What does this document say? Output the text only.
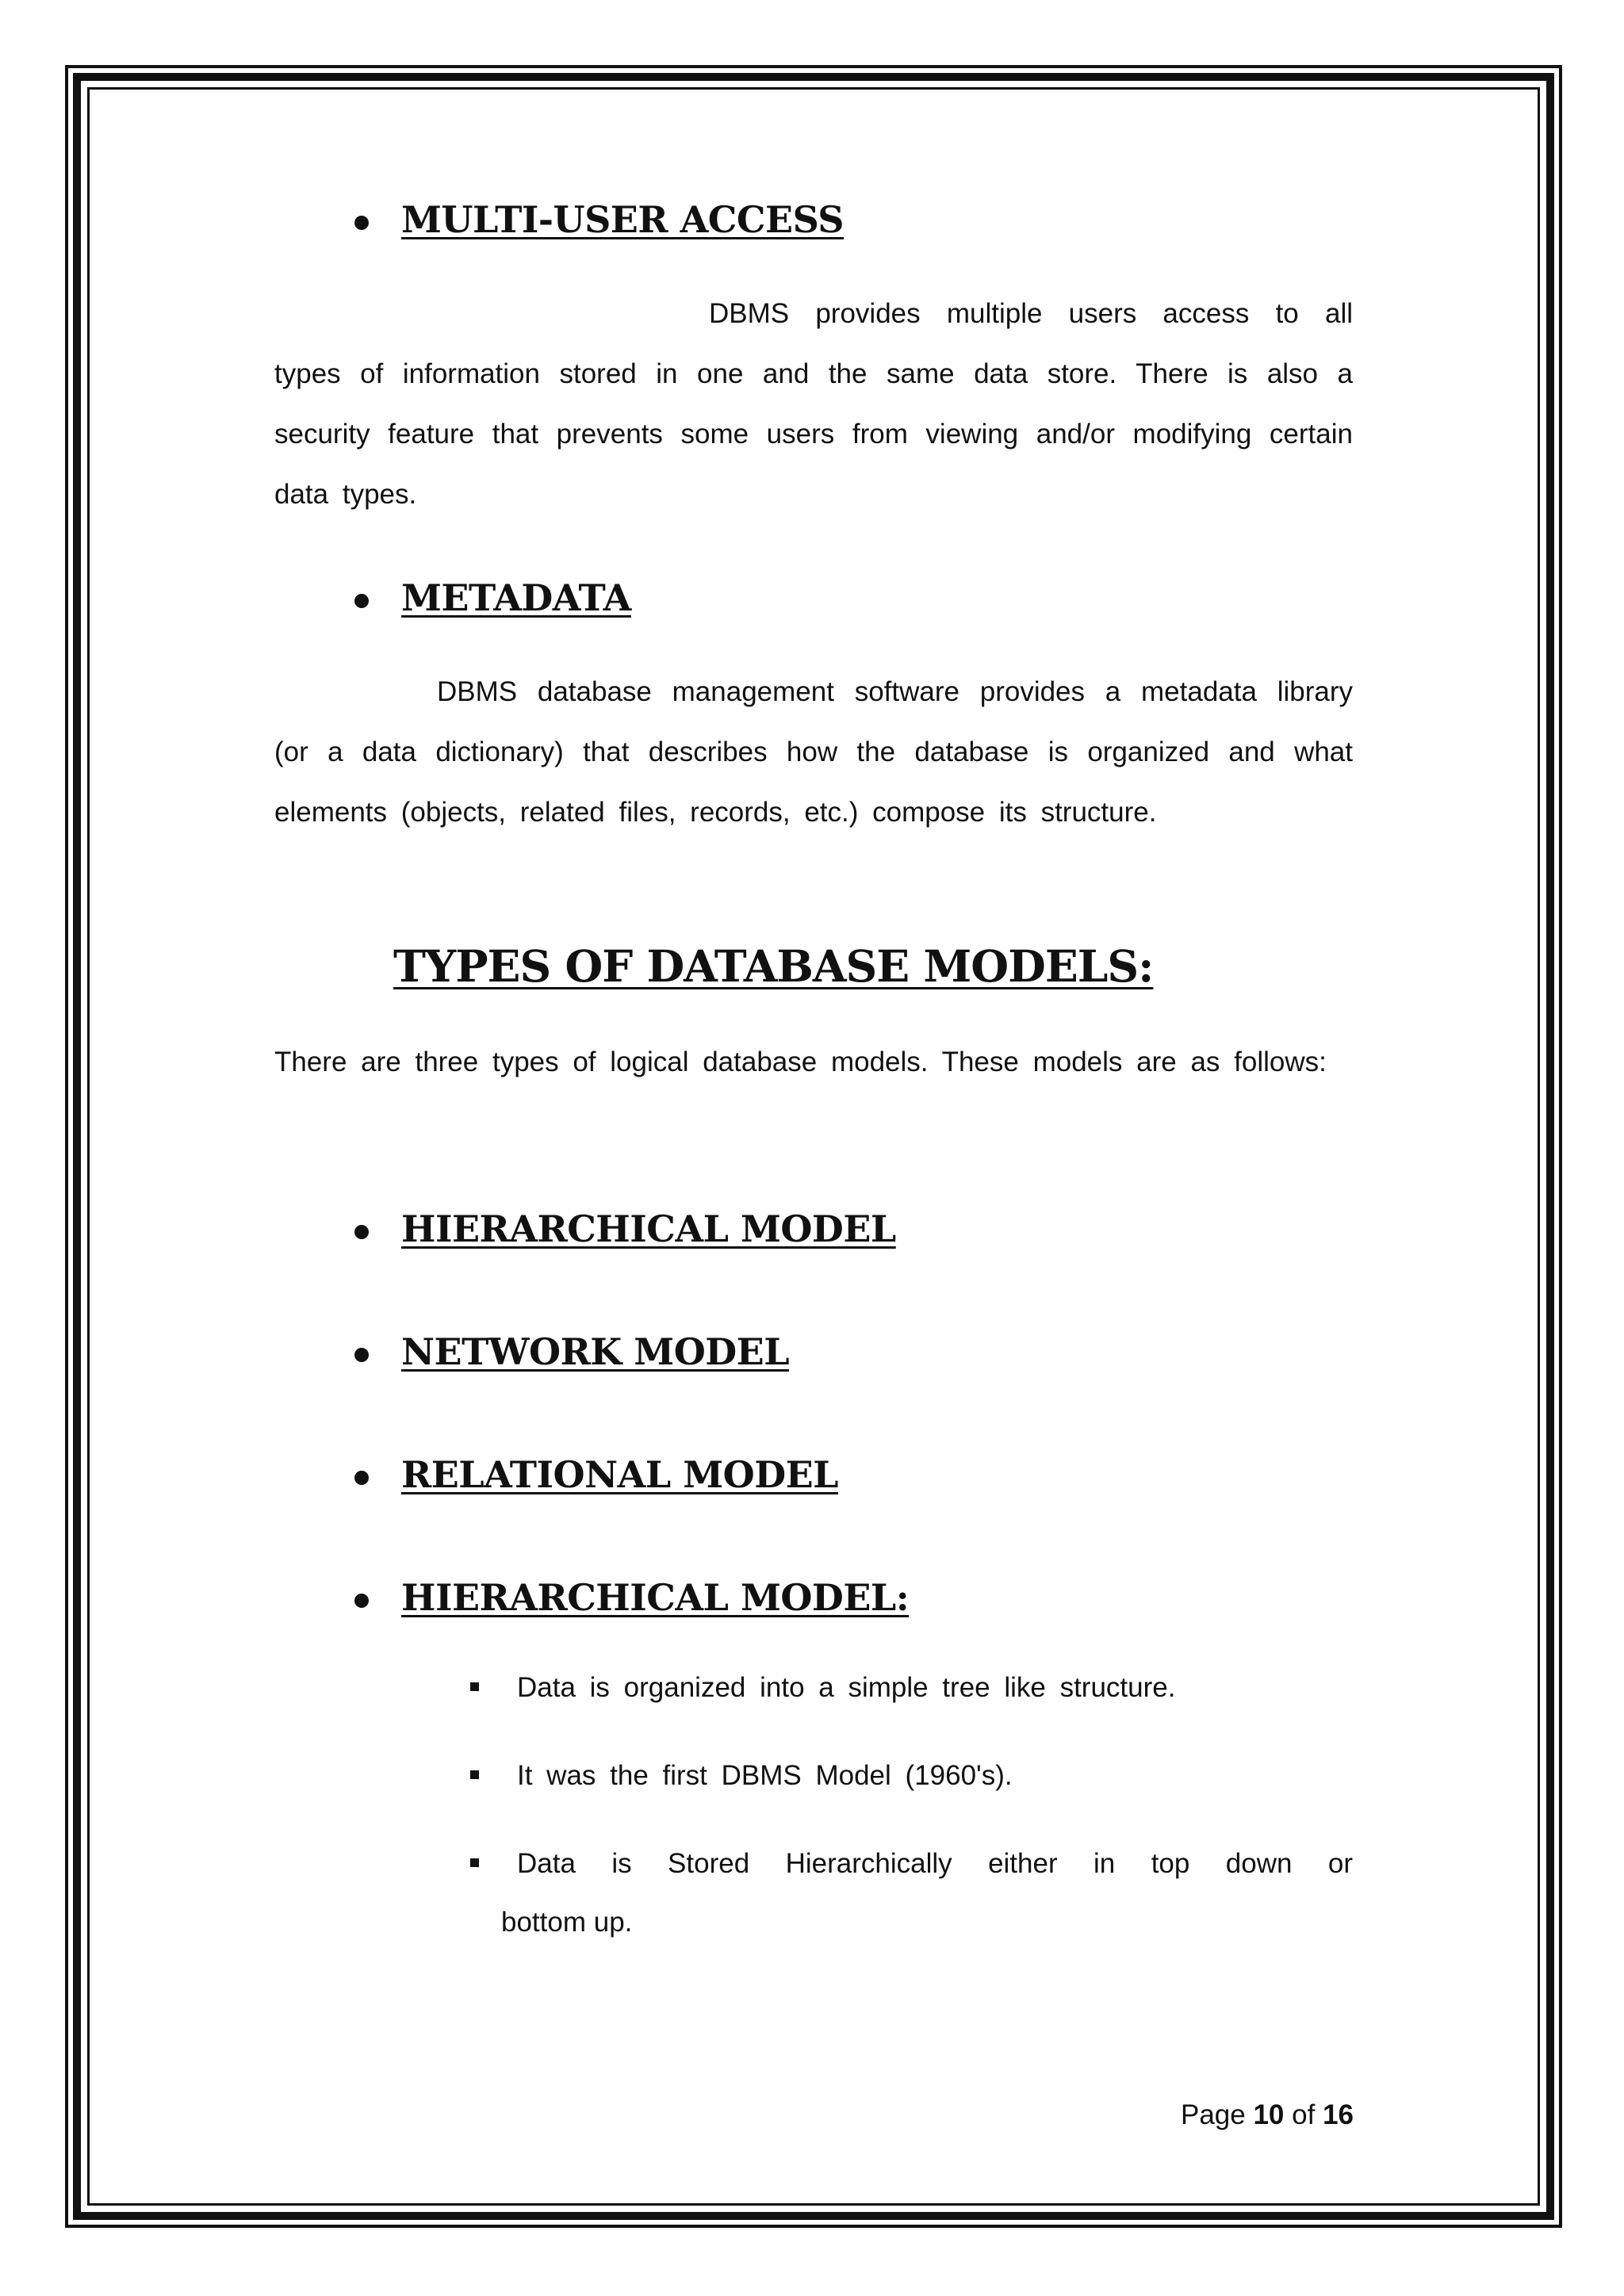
MULTI-USER ACCESS
DBMS provides multiple users access to all types of information stored in one and the same data store. There is also a security feature that prevents some users from viewing and/or modifying certain data types.
METADATA
DBMS database management software provides a metadata library (or a data dictionary) that describes how the database is organized and what elements (objects, related files, records, etc.) compose its structure.
TYPES OF DATABASE MODELS:
There are three types of logical database models. These models are as follows:
HIERARCHICAL MODEL
NETWORK MODEL
RELATIONAL MODEL
HIERARCHICAL MODEL:
Data is organized into a simple tree like structure.
It was the first DBMS Model (1960's).
Data is Stored Hierarchically either in top down or
bottom up.
Page 10 of 16
